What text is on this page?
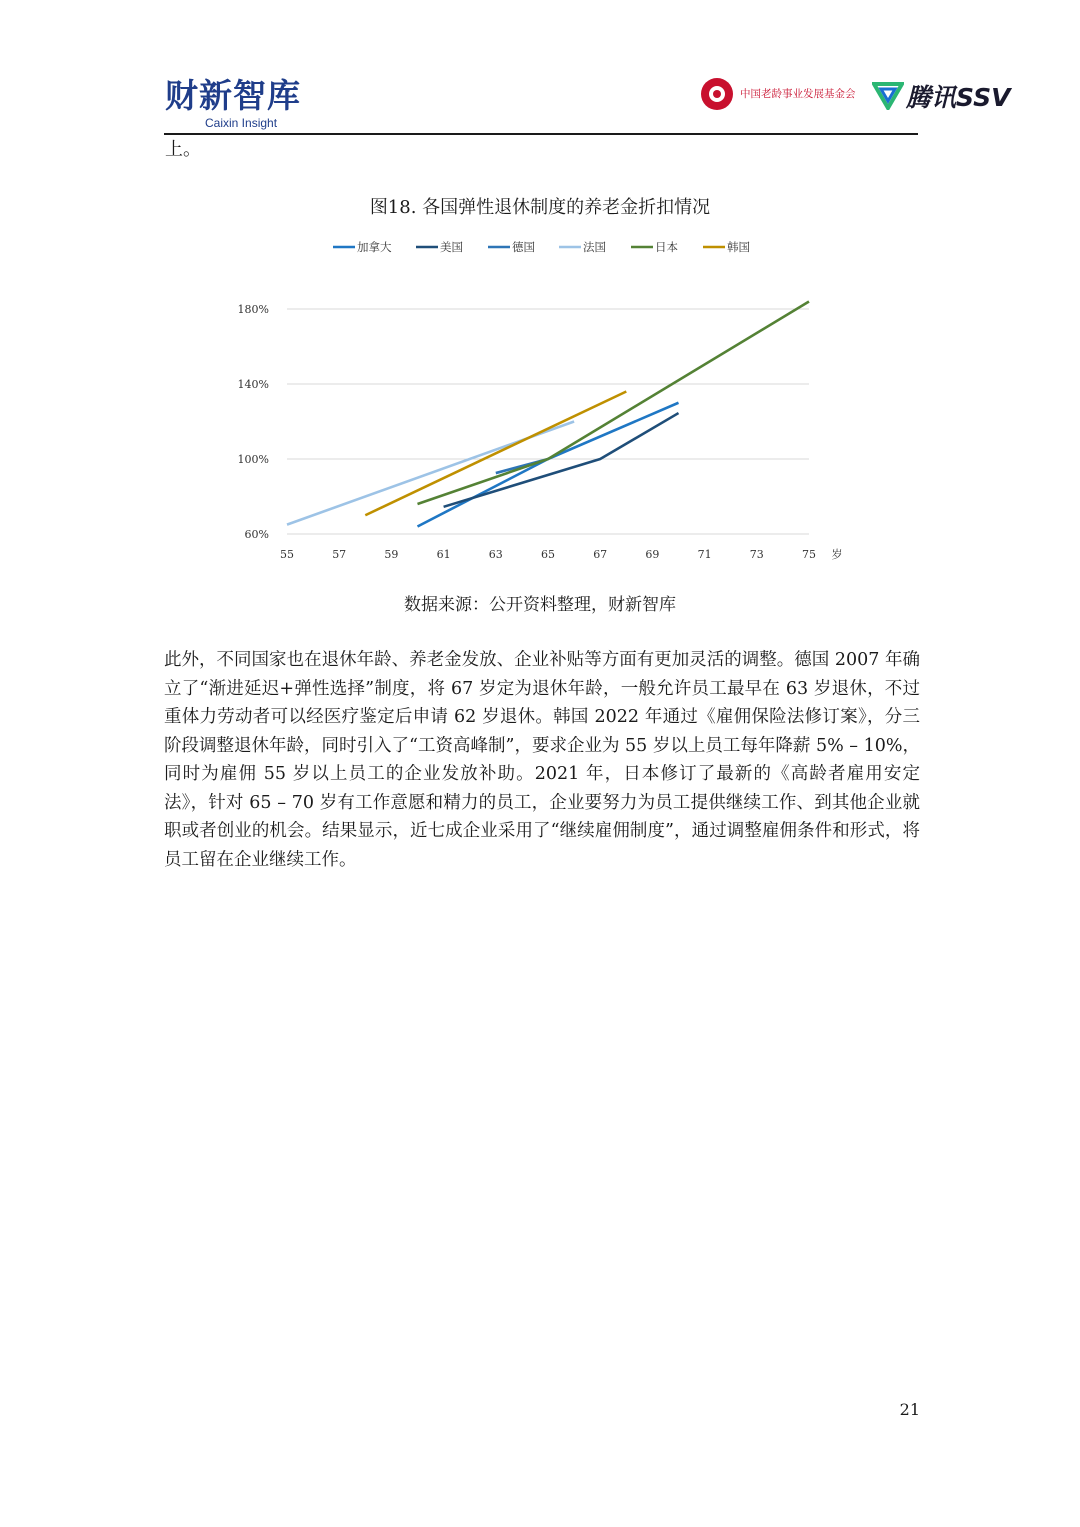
财新智库
Caixin Insight
中国老龄事业发展基金会 腾讯SSV
上。
图18. 各国弹性退休制度的养老金折扣情况
60%
100%
140%
180%
55	57	59	61	63	65	67	69	71	73	75 岁
加拿大	美国	德国	法国	日本	韩国
数据来源：公开资料整理，财新智库
此外，不同国家也在退休年龄、养老金发放、企业补贴等方面有更加灵活的调整。德国 2007 年确立了“渐进延迟+弹性选择”制度，将 67 岁定为退休年龄，一般允许员工最早在 63 岁退休，不过重体力劳动者可以经医疗鉴定后申请 62 岁退休。韩国 2022 年通过《雇佣保险法修订案》，分三阶段调整退休年龄，同时引入了“工资高峰制”，要求企业为 55 岁以上员工每年降薪 5% – 10%，同时为雇佣 55 岁以上员工的企业发放补助。2021 年，日本修订了最新的《高龄者雇用安定法》，针对 65 – 70 岁有工作意愿和精力的员工，企业要努力为员工提供继续工作、到其他企业就职或者创业的机会。结果显示，近七成企业采用了“继续雇佣制度”，通过调整雇佣条件和形式，将员工留在企业继续工作。
21
